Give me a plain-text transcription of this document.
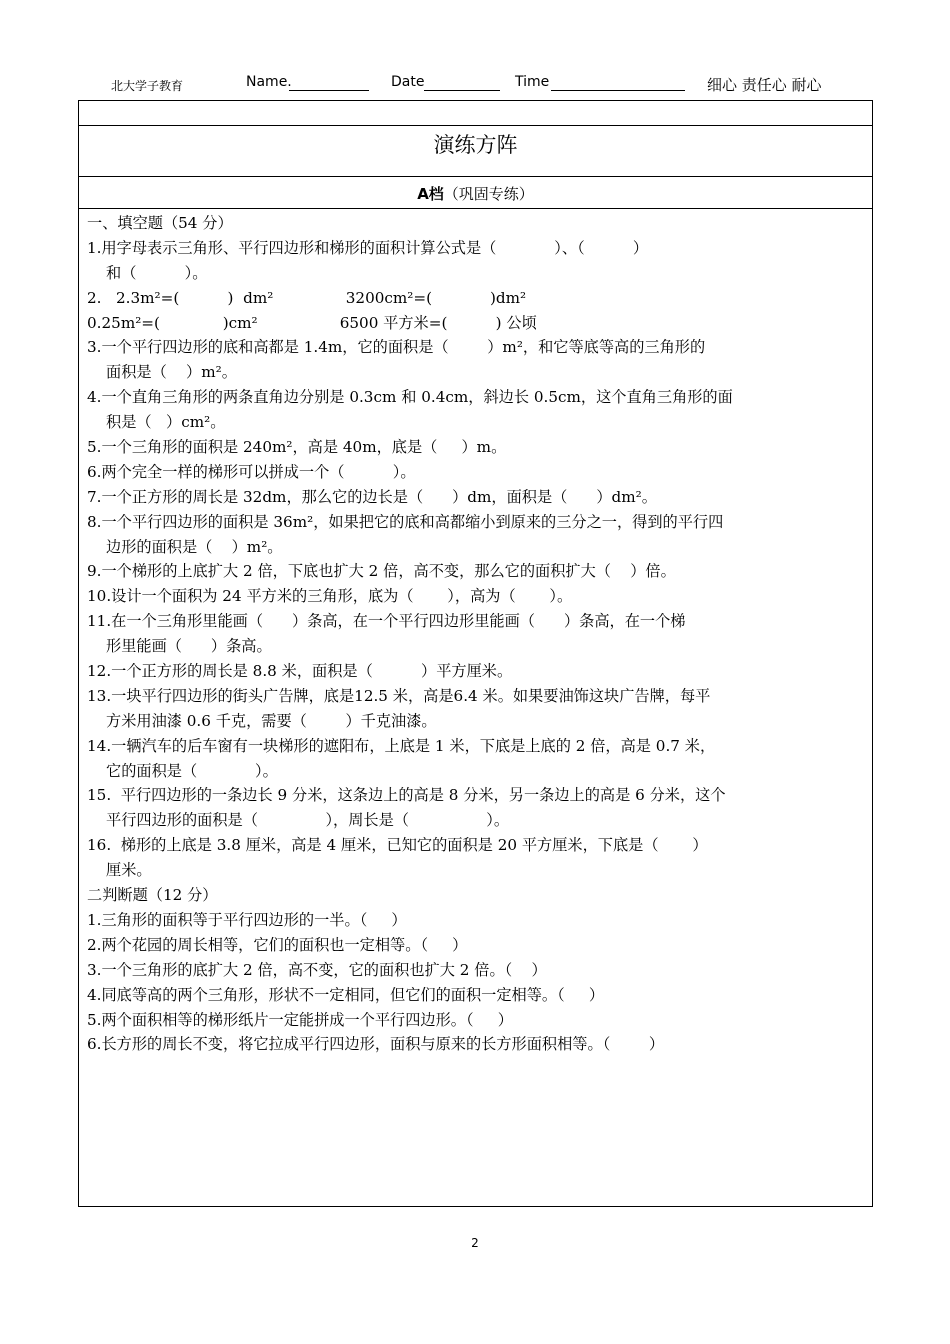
北大学子教育	Name.	Date	Time	细心 责任心 耐心
演练方阵
A档（巩固专练）
一、填空题（54 分）
1.用字母表示三角形、平行四边形和梯形的面积计算公式是（            ）、（          ）
和（          ）。
2.   2.3m²=(          )  dm²               3200cm²=(            )dm²
0.25m²=(             )cm²                 6500 平方米=(          ) 公顷
3.一个平行四边形的底和高都是 1.4m，它的面积是（        ）m²，和它等底等高的三角形的
面积是（    ）m²。
4.一个直角三角形的两条直角边分别是 0.3cm 和 0.4cm，斜边长 0.5cm，这个直角三角形的面
积是（   ）cm²。
5.一个三角形的面积是 240m²，高是 40m，底是（     ）m。
6.两个完全一样的梯形可以拼成一个（          ）。
7.一个正方形的周长是 32dm，那么它的边长是（      ）dm，面积是（      ）dm²。
8.一个平行四边形的面积是 36m²，如果把它的底和高都缩小到原来的三分之一，得到的平行四
边形的面积是（    ）m²。
9.一个梯形的上底扩大 2 倍，下底也扩大 2 倍，高不变，那么它的面积扩大（    ）倍。
10.设计一个面积为 24 平方米的三角形，底为（       ），高为（       ）。
11.在一个三角形里能画（      ）条高，在一个平行四边形里能画（      ）条高，在一个梯
形里能画（      ）条高。
12.一个正方形的周长是 8.8 米，面积是（          ）平方厘米。
13.一块平行四边形的街头广告牌，底是12.5 米，高是6.4 米。如果要油饰这块广告牌，每平
方米用油漆 0.6 千克，需要（        ）千克油漆。
14.一辆汽车的后车窗有一块梯形的遮阳布，上底是 1 米，下底是上底的 2 倍，高是 0.7 米，
它的面积是（            ）。
15.  平行四边形的一条边长 9 分米，这条边上的高是 8 分米，另一条边上的高是 6 分米，这个
平行四边形的面积是（              ），周长是（                ）。
16.  梯形的上底是 3.8 厘米，高是 4 厘米，已知它的面积是 20 平方厘米，下底是（       ）
厘米。
二判断题（12 分）
1.三角形的面积等于平行四边形的一半。（     ）
2.两个花园的周长相等，它们的面积也一定相等。（     ）
3.一个三角形的底扩大 2 倍，高不变，它的面积也扩大 2 倍。（    ）
4.同底等高的两个三角形，形状不一定相同，但它们的面积一定相等。（     ）
5.两个面积相等的梯形纸片一定能拼成一个平行四边形。（     ）
6.长方形的周长不变，将它拉成平行四边形，面积与原来的长方形面积相等。（        ）
2
